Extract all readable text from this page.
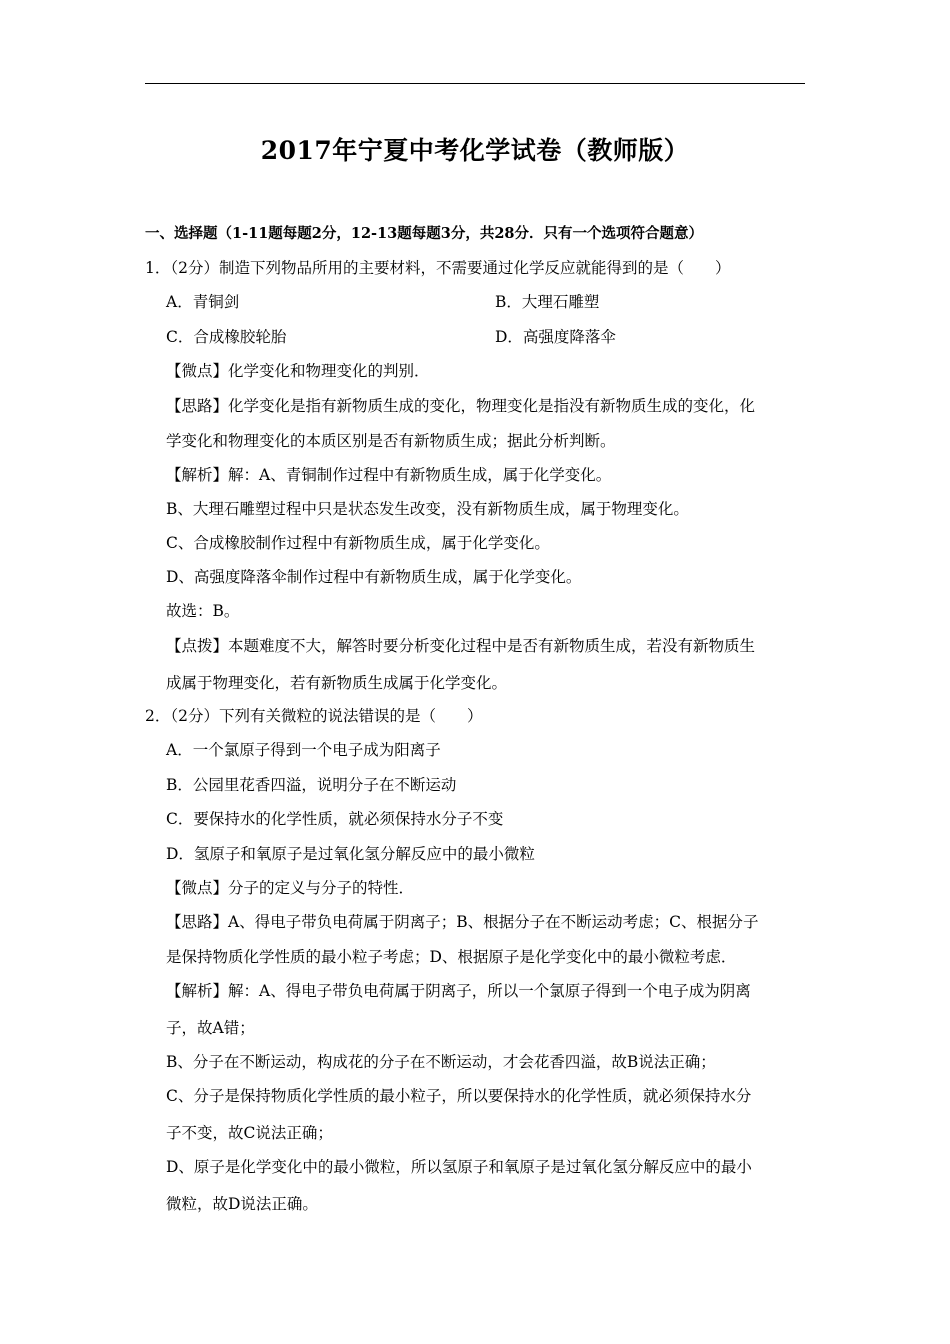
2017年宁夏中考化学试卷（教师版）
一、选择题（1-11题每题2分，12-13题每题3分，共28分．只有一个选项符合题意）
1．（2分）制造下列物品所用的主要材料，不需要通过化学反应就能得到的是（　　）
A．青铜剑	B．大理石雕塑
C．合成橡胶轮胎	D．高强度降落伞
【微点】化学变化和物理变化的判别．
【思路】化学变化是指有新物质生成的变化，物理变化是指没有新物质生成的变化，化
学变化和物理变化的本质区别是否有新物质生成；据此分析判断。
【解析】解：A、青铜制作过程中有新物质生成，属于化学变化。
B、大理石雕塑过程中只是状态发生改变，没有新物质生成，属于物理变化。
C、合成橡胶制作过程中有新物质生成，属于化学变化。
D、高强度降落伞制作过程中有新物质生成，属于化学变化。
故选：B。
【点拨】本题难度不大，解答时要分析变化过程中是否有新物质生成，若没有新物质生
成属于物理变化，若有新物质生成属于化学变化。
2．（2分）下列有关微粒的说法错误的是（　　）
A．一个氯原子得到一个电子成为阳离子
B．公园里花香四溢，说明分子在不断运动
C．要保持水的化学性质，就必须保持水分子不变
D．氢原子和氧原子是过氧化氢分解反应中的最小微粒
【微点】分子的定义与分子的特性．
【思路】A、得电子带负电荷属于阴离子；B、根据分子在不断运动考虑；C、根据分子
是保持物质化学性质的最小粒子考虑；D、根据原子是化学变化中的最小微粒考虑．
【解析】解：A、得电子带负电荷属于阴离子，所以一个氯原子得到一个电子成为阴离
子，故A错；
B、分子在不断运动，构成花的分子在不断运动，才会花香四溢，故B说法正确；
C、分子是保持物质化学性质的最小粒子，所以要保持水的化学性质，就必须保持水分
子不变，故C说法正确；
D、原子是化学变化中的最小微粒，所以氢原子和氧原子是过氧化氢分解反应中的最小
微粒，故D说法正确。
